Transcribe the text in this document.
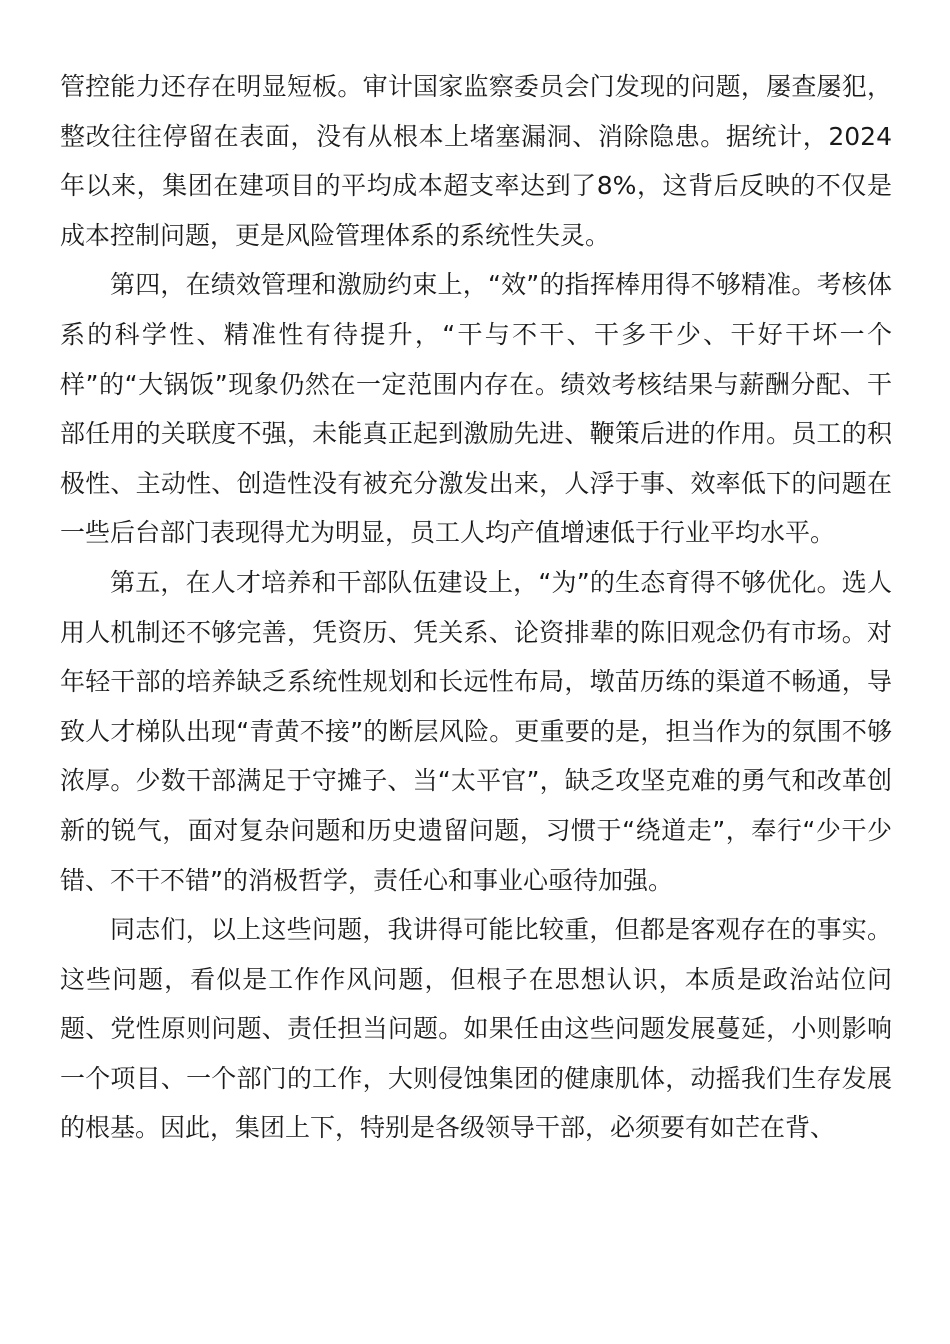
管控能力还存在明显短板。审计国家监察委员会门发现的问题，屡查屡犯，整改往往停留在表面，没有从根本上堵塞漏洞、消除隐患。据统计，2024年以来，集团在建项目的平均成本超支率达到了8%，这背后反映的不仅是成本控制问题，更是风险管理体系的系统性失灵。

第四，在绩效管理和激励约束上，“效”的指挥棒用得不够精准。考核体系的科学性、精准性有待提升，“干与不干、干多干少、干好干坏一个样”的“大锅饭”现象仍然在一定范围内存在。绩效考核结果与薪酬分配、干部任用的关联度不强，未能真正起到激励先进、鞭策后进的作用。员工的积极性、主动性、创造性没有被充分激发出来，人浮于事、效率低下的问题在一些后台部门表现得尤为明显，员工人均产值增速低于行业平均水平。

第五，在人才培养和干部队伍建设上，“为”的生态育得不够优化。选人用人机制还不够完善，凭资历、凭关系、论资排辈的陈旧观念仍有市场。对年轻干部的培养缺乏系统性规划和长远性布局，墩苗历练的渠道不畅通，导致人才梯队出现“青黄不接”的断层风险。更重要的是，担当作为的氛围不够浓厚。少数干部满足于守摊子、当“太平官”，缺乏攻坚克难的勇气和改革创新的锐气，面对复杂问题和历史遗留问题，习惯于“绕道走”，奉行“少干少错、不干不错”的消极哲学，责任心和事业心亟待加强。

同志们，以上这些问题，我讲得可能比较重，但都是客观存在的事实。这些问题，看似是工作作风问题，但根子在思想认识，本质是政治站位问题、党性原则问题、责任担当问题。如果任由这些问题发展蔓延，小则影响一个项目、一个部门的工作，大则侵蚀集团的健康肌体，动摇我们生存发展的根基。因此，集团上下，特别是各级领导干部，必须要有如芒在背、
